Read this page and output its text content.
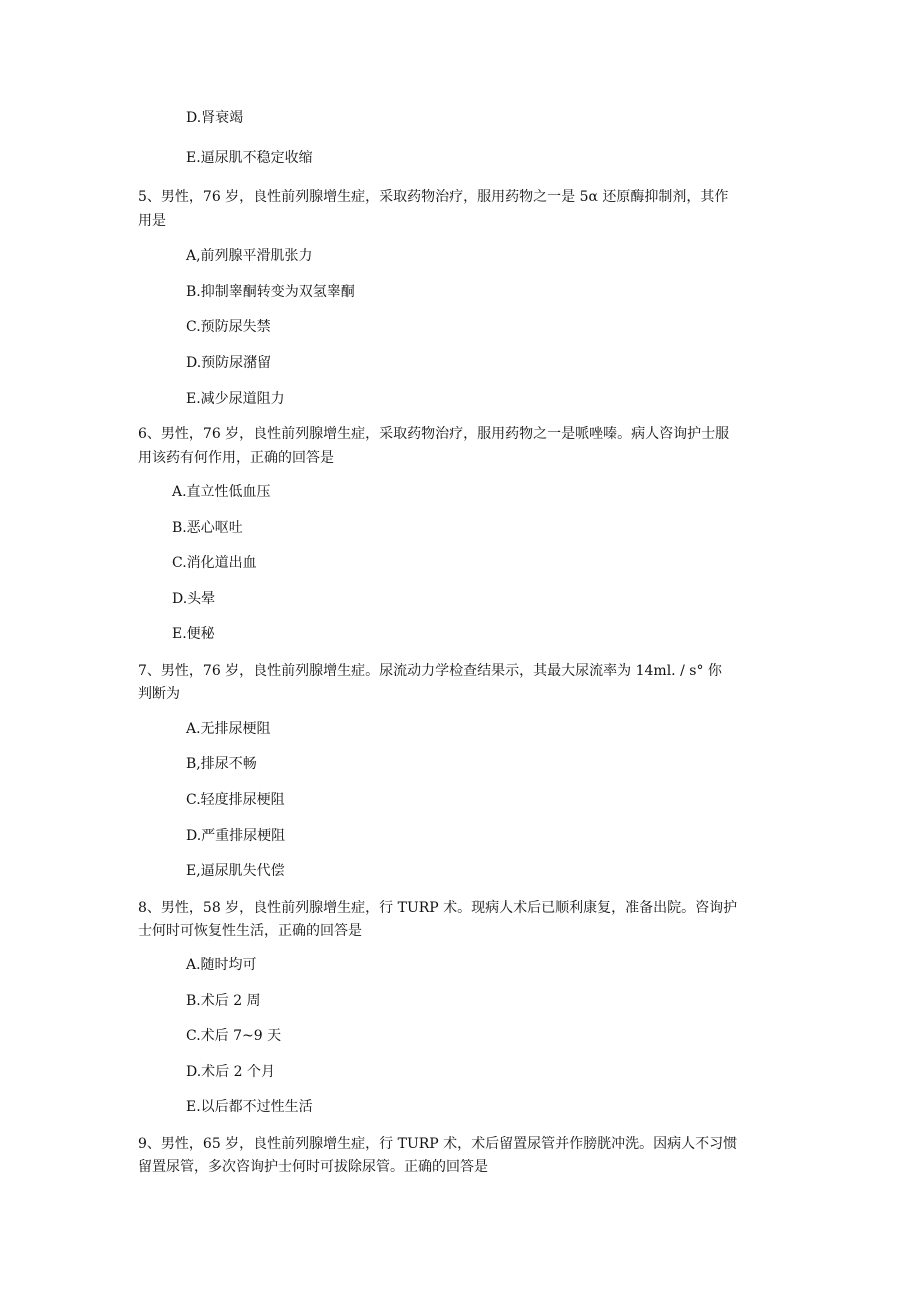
D.肾衰竭
E.逼尿肌不稳定收缩
5、男性，76 岁，良性前列腺增生症，采取药物治疗，服用药物之一是 5α 还原酶抑制剂，其作
用是
A,前列腺平滑肌张力
B.抑制睾酮转变为双氢睾酮
C.预防尿失禁
D.预防尿潴留
E.减少尿道阻力
6、男性，76 岁，良性前列腺增生症，采取药物治疗，服用药物之一是哌唑嗪。病人咨询护士服
用该药有何作用，正确的回答是
A.直立性低血压
B.恶心呕吐
C.消化道出血
D.头晕
E.便秘
7、男性，76 岁，良性前列腺增生症。尿流动力学检查结果示，其最大尿流率为 14ml. / s° 你
判断为
A.无排尿梗阻
B,排尿不畅
C.轻度排尿梗阻
D.严重排尿梗阻
E,逼尿肌失代偿
8、男性，58 岁，良性前列腺增生症，行 TURP 术。现病人术后已顺利康复，准备出院。咨询护
士何时可恢复性生活，正确的回答是
A.随时均可
B.术后 2 周
C.术后 7~9 天
D.术后 2 个月
E.以后都不过性生活
9、男性，65 岁，良性前列腺增生症，行 TURP 术，术后留置尿管并作膀胱冲洗。因病人不习惯
留置尿管，多次咨询护士何时可拔除尿管。正确的回答是
